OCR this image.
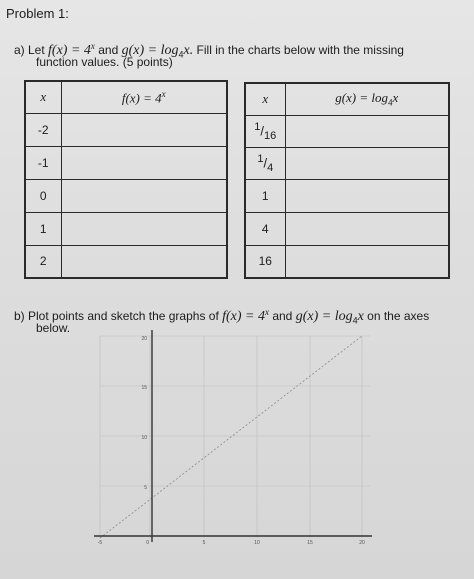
Problem 1:
a) Let $f(x) = 4^x$ and $g(x) = \log_4x$. Fill in the charts below with the missing
function values. (5 points)
x	$f(x) = 4^x$
-2	
-1	
0	
1	
2	
x	$g(x) = \log_4x$
$^1/_{16}$	
$^1/_4$	
1	
4	
16	
b) Plot points and sketch the graphs of $f(x) = 4^x$ and $g(x) = \log_4x$ on the axes
below.
20
15
10
5
-5	0	5	10	15	20
